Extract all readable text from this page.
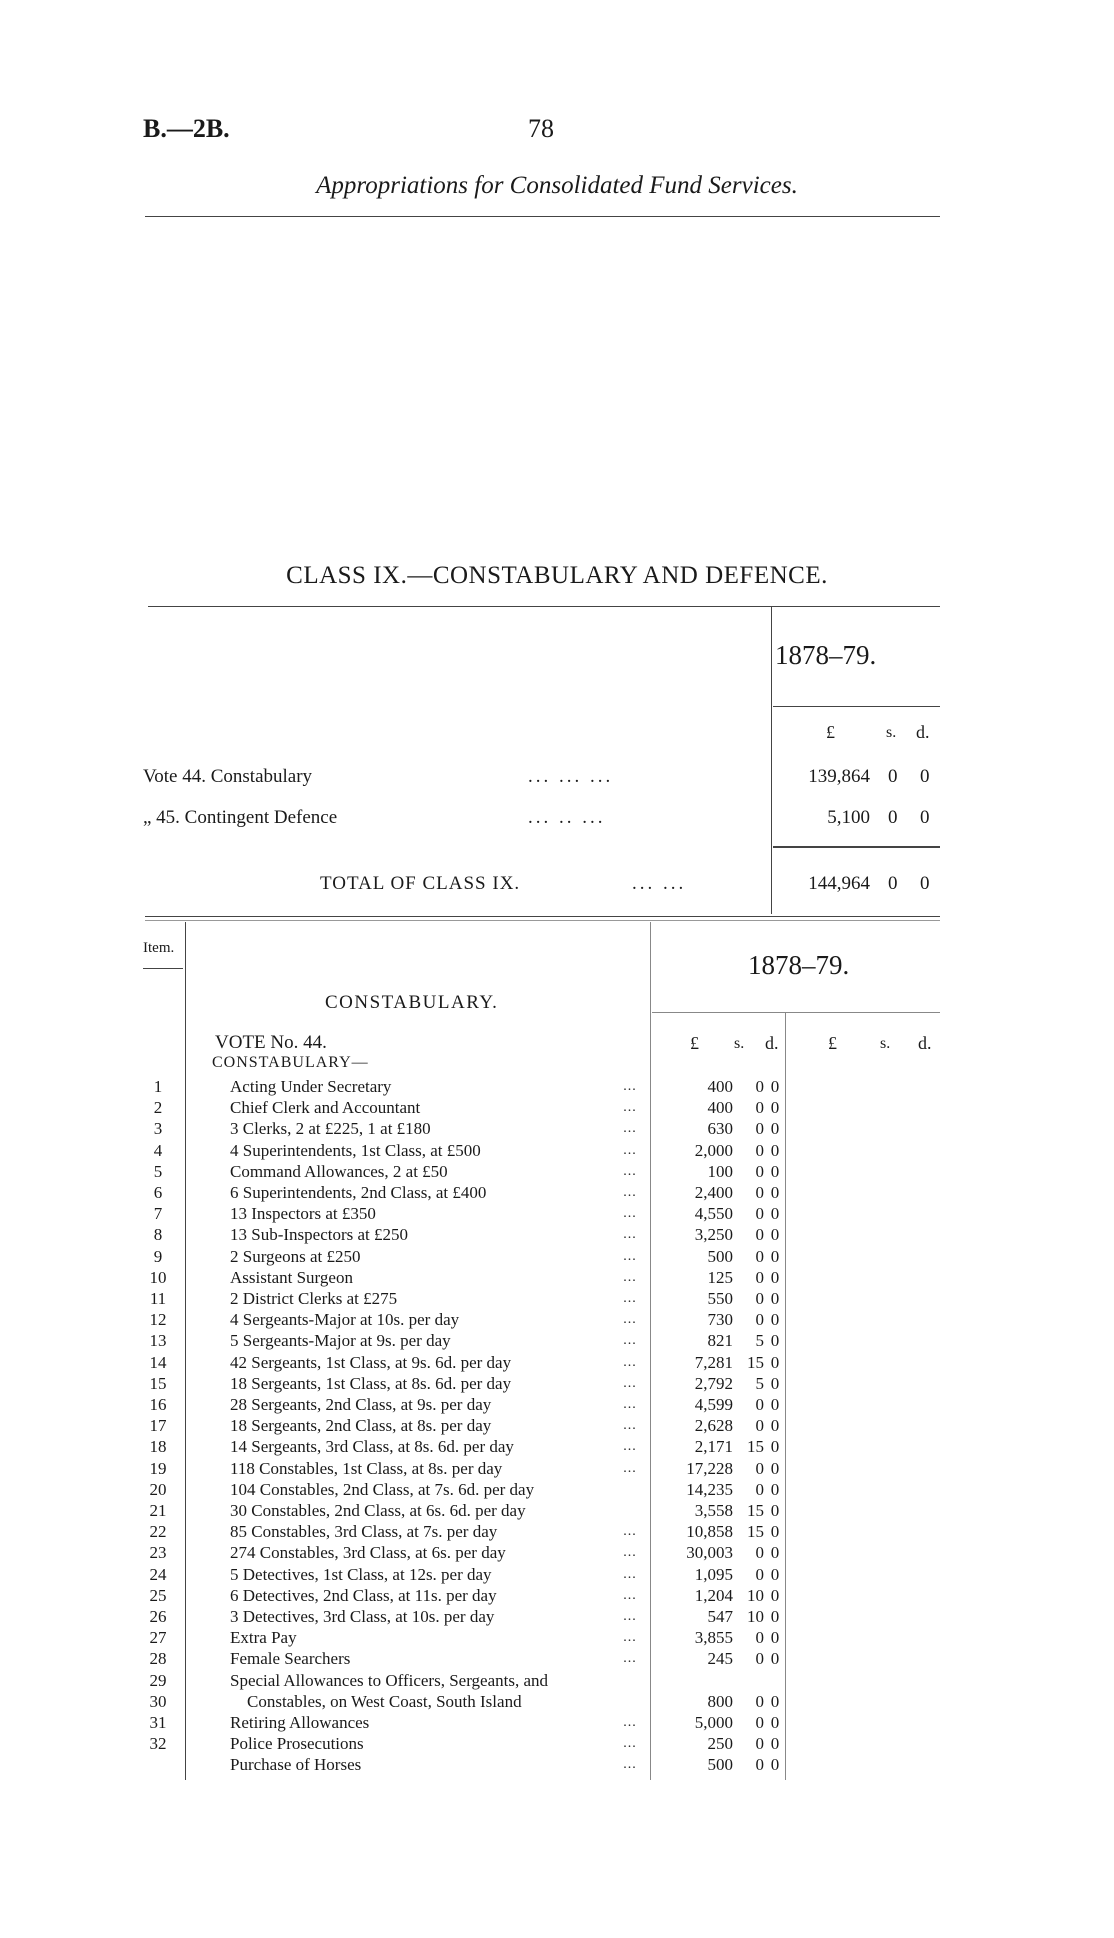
B.—2B.	78
Appropriations for Consolidated Fund Services.
CLASS IX.—CONSTABULARY AND DEFENCE.
1878–79.
£	s. d.
Vote 44. Constabulary	... ... ...	139,864 0 0
„ 45. Contingent Defence	... .. ...	5,100 0 0
TOTAL OF CLASS IX.	... ...	144,964 0 0
Item.
CONSTABULARY.
1878–79.
VOTE No. 44.
CONSTABULARY—
£ s. d.	£	s. d.
1	Acting Under Secretary	...	400	0 0
2	Chief Clerk and Accountant	...	400	0 0
3	3 Clerks, 2 at £225, 1 at £180	...	630	0 0
4	4 Superintendents, 1st Class, at £500	...	2,000	0 0
5	Command Allowances, 2 at £50	...	100	0 0
6	6 Superintendents, 2nd Class, at £400	...	2,400	0 0
7	13 Inspectors at £350	...	4,550	0 0
8	13 Sub-Inspectors at £250	...	3,250	0 0
9	2 Surgeons at £250	...	500	0 0
10	Assistant Surgeon	...	125	0 0
11	2 District Clerks at £275	...	550	0 0
12	4 Sergeants-Major at 10s. per day	...	730	0 0
13	5 Sergeants-Major at 9s. per day	...	821	5 0
14	42 Sergeants, 1st Class, at 9s. 6d. per day	...	7,281 15 0
15	18 Sergeants, 1st Class, at 8s. 6d. per day	...	2,792	5 0
16	28 Sergeants, 2nd Class, at 9s. per day	...	4,599	0 0
17	18 Sergeants, 2nd Class, at 8s. per day	...	2,628	0 0
18	14 Sergeants, 3rd Class, at 8s. 6d. per day	...	2,171 15 0
19	118 Constables, 1st Class, at 8s. per day	...	17,228	0 0
20	104 Constables, 2nd Class, at 7s. 6d. per day	14,235	0 0
21	30 Constables, 2nd Class, at 6s. 6d. per day	3,558 15 0
22	85 Constables, 3rd Class, at 7s. per day	...	10,858 15 0
23	274 Constables, 3rd Class, at 6s. per day	...	30,003	0 0
24	5 Detectives, 1st Class, at 12s. per day	...	1,095	0 0
25	6 Detectives, 2nd Class, at 11s. per day	...	1,204 10 0
26	3 Detectives, 3rd Class, at 10s. per day	...	547 10 0
27	Extra Pay	...	3,855	0 0
28	Female Searchers	...	245	0 0
29	Special Allowances to Officers, Sergeants, and
30	Constables, on West Coast, South Island	800	0 0
31	Retiring Allowances	...	5,000	0 0
32	Police Prosecutions	...	250	0 0
Purchase of Horses	...	500	0 0
